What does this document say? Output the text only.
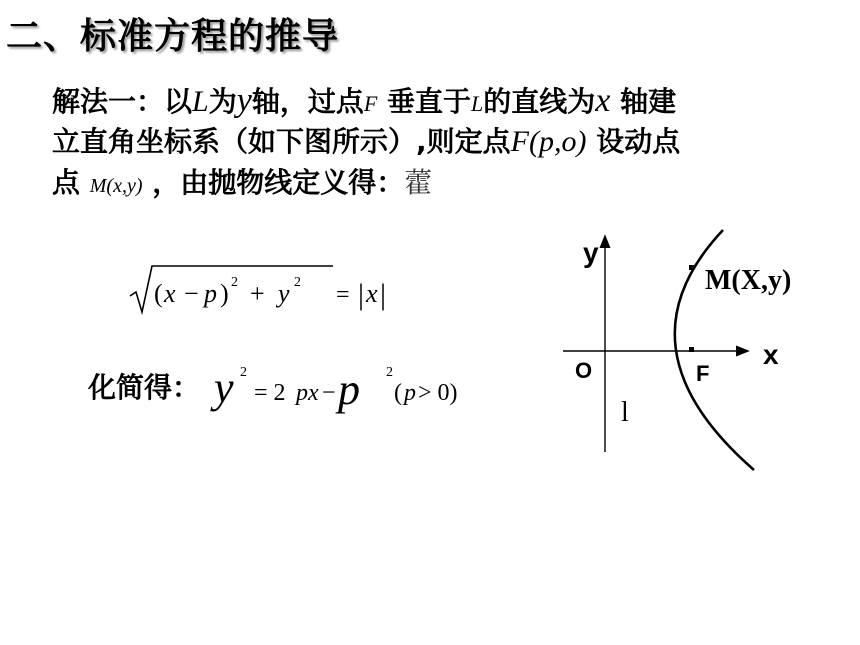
二、标准方程的推导
解法一：以L为y轴，过点F 垂直于L的直线为x 轴建
立直角坐标系（如下图所示）,则定点F(p,o) 设动点
点 M(x,y) ，由抛物线定义得：藿
( x − p ) 2 + y 2 = | x |
化简得： y 2
= 2 px − p 2
( p > 0)
y
x
O	F
M(X,y)
l
